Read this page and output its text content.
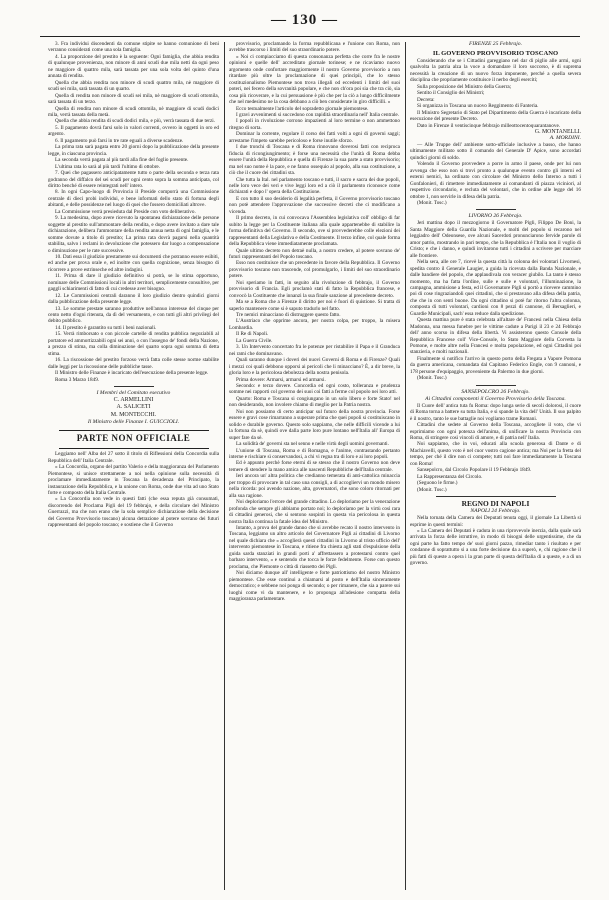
— 130 —

3. Fra individui discendenti da comune stipite se hanno comunione di beni verranno considerati come una sola famiglia.

4. La proporzione del prestito è la seguente: Ogni famiglia, che abbia rendita di qualunque provenienza, non minore di anni scudi due mila netti da ogni peso ne maggiore di quattro mila, sarà tassata per una sola volta del quinto d'una annata di rendita.

Quella che abbia rendita non minore di scudi quattro mila, nè maggiore di scudi sei mila, sarà tassata di un quarto.

Quella di rendita non minore di scudi sei mila, nè maggiore di scudi ottomila, sarà tassata di un terzo.

Quella di rendita non minore di scudi ottomila, nè maggiore di scudi dodici mila, verrà tassata della metà.

Quella che abbia rendita di scudi dodici mila, e più, verrà tassata di due terzi.

5. Il pagamento dovrà farsi solo in valori correnti, ovvero in oggetti in oro ed argento.

6. Il pagamento può farsi in tre rate eguali a diverse scadenze.

La prima rata sarà pagata entro 20 giorni dopo la pubblicazione della presente legge, in ciascuna provincia.

La seconda verrà pagata al più tardi alla fine del foglio presente.

L'ultima rata lo sarà al più tardi l'ultimo di ottobre.

7. Quei che pagassero anticipatamente tutto o parte della seconda e terza rata godranno del diffalco del sei scudi per ogni cento sopra la somma anticipata, col diritto benché di essere reintegrati nell' intero.

8. In ogni Capo-luogo di Provincia il Preside comporrà una Commissione centrale di dieci probi individui, e bene informati dello stato di fortuna degli abitanti, e delle possidenze nel luogo di quei che fossero domiciliati altrove.

La Commissione verrà presieduta dal Preside con voto deliberativo.

9. La medesima, dopo avere ricevuto la spontanea dichiarazione delle persone soggette al prestito sull'ammontare della rendita, e dopo avere invitato a dare tale dichiarazione, delibera l'ammontare della rendita annua netta di ogni famiglia, e le somme dovute a titolo di prestito; La prima rata dovrà pagarsi nella quantità stabilita, salvo i reclami in devoluzione che potessero dar luogo a compensazione o diminuzione per le rate successive.

10. Dati essa il giudizio prestamente sui documenti che potranno essere esibiti, ed anche per prova orale e, ed inoltre con quella cognizione, senza bisogno di ricorrere a prove estrinseche ed altre indagini.

11. Prima di dare il giudizio definitivo si potrà, se lo stima opportuno, nominare delle Commissioni locali in altri territori, semplicemente consultive, per gaggli schiarimenti di fatto di cui credesse aver bisogno.

12. Le Commissioni centrali daranno il loro giudizio dentro quindici giorni dalla pubblicazione della presente legge.

13. Le somme prestate saranno produttive nell'annuo interesse del cinque per cento netto d'ogni ritenuta, da dì del versamento, e con tutti gli altri privilegi del debito pubblico.

14. Il prestito è garantito su tutti i beni nazionali.

15. Verrà rimborsato o con piccole cartelle di rendita pubblica negoziabili al portatore ed ammortizzabili ogni sei anni, o con l'assegno de' fondi della Nazione, a prezzo di stima, ma colla diminuzione del quarto sopra ogni somma di detta stima.

16. La riscossione del prestito forzoso verrà fatta colle stesse norme stabilite dalle leggi per la riscossione delle pubbliche tasse.

Il Ministro delle Finanze è incaricato dell'esecuzione della presente legge.

Roma 3 Marzo 1849.

I Membri del Comitato esecutivo
C. ARMELLINI
A. SALICETI
M. MONTECCHI.
Il Ministro delle Finanze I. GUICCIOLI.
PARTE NON OFFICIALE

Leggiamo nell' Alba del 27 sotto il titolo di Riflessioni della Concordia sulla Repubblica dell' Italia Centrale.

« La Concordia, organo del partito Valerio e della maggioranza del Parlamento Piemontese, si unisce strettamente a noi nella opinione sulla necessità di proclamare immediatamente in Toscana la decadenza del Principato, la instaurazione della Repubblica, e la unione con Roma, onde due vita ad uno Stato forte e composto della Italia Centrale.

« La Concordia non vede in questi fatti (che essa reputa già consumati, discorrendo del Proclama Pigli del 19 febbrajo, e della circolare del Ministro Guerrazzi, ma che non erano che la sola semplice dichiarazione della decisione del Governo Provvisorio toscano) alcuna detrazione al potere sovrano dei futuri rappresentanti del popolo toscano; e sostiene che il Governo

provvisorio, proclamando la forma repubblicana e l'unione con Roma, non avrebbe trascorso i limiti del suo straordinario potere.

« Noi ci compiacciamo di questa consonanza perfetta che corre fra le nostre opinioni e quelle dell' accreditato giornale torinese; e ne ricaviamo nuovo argomento onde confortare maggiormente il nostro Governo provvisorio a non ritardare più oltre la proclamazione di quei principii, che lo stesso costituzionalismo Piemontese non trova illegali od eccedenti i limiti del suoi poteri, nei fecero della sovranità popolare, e che non ch'ora poi sia che tra ciò, sia cosa più ricoverare, e la cui persuasione è più che per la ciò a lungo difficilmente che nel medesimo ne la cosa debbano a ciò ben considerate in giro difficilli. »

Ecco testualmente l'articolo del sopradetto giornale piemontese.

I gravi avvenimenti si succedono con rapidità straordinaria nell' Italia centrale.

I popoli in rivoluzione corrono impazienti al loro termine o non ammettono ritegno di sorta.

Dominar la corrente, regolare il corso dei fatti volti a ogni di governi saggi; arrestarne l'impeto sarebbe pericoloso e forse inutile sforzo.

I due tronchi di Toscana e di Roma rinnovano doverosi fatti con reciproca fiducia di ricongiungimento; è forse una necessità che l'unità di Roma debba essere l'unità della Repubblica e quella di Firenze la sua parte a stato provvisorio; ma nel suo nome è la pace, e ne fanno ossequio al popolo, alla sua costituzione, a ciò che il cuore dei cittadini sta.

Che tutta la Ital. nel parlamento toscano e tutti, il sacro e sacra dei due popoli, nelle loro vece dei veri e vive leggi loro ed a ciò il parlamento riconosce come dichiarati e dopo l' opera della Costituzione.

E con tutto il suo desiderio di legalità perfetta, il Governo provvisorio toscano non potè attendere l'approvazione che successive decreti che ci modificano a vicenda.

Il primo decreto, in cui convocava l'Assemblea legislativa coll' obbligo di far subito la legge per la Costituente italiana alla quale appartenebbe di stabilire la forma definitiva del Governo. Il secondo, ove si provvederebbe colle elezioni dei rappresentanti della Legislativa e della Costituente. Il terzo infine, col quale forma della Repubblica viene immediatamente proclamata.

Quale ultimo decreto non detraè nulla, a nostro credere, al potere sovrano de' futuri rappresentanti del Popolo toscano.

Esso non costituisce che un precedente in favore della Repubblica. Il Governo provvisorio toscano non trascende, col promulgarlo, i limiti del suo straordinario potere.

Noi speriamo in fatti, in seguito alla rivoluzione di febbrajo, il Governo provvisorio di Francia. Egli proclamò stati di fatto la Repubblica francese, e convocò la Costituente che innanzi la sua finale sanzione al precedente decreto.

Ma se a Roma che a Firenze il diritto per noi è fuori di quistione. Si tratta di saperlo mantenere come si è saputo tradurlo nel fatto.

Tre nemici minacciano di distruggere questo fatto.

L'Austriaco che opprime ancora, per nostra colpa, per troppo, la misera Lombardia.

Il Re di Napoli.

La Guerra Civile.

3. Un Intervento concertato fra le potenze per ristabilire il Papa e il Granduca nei rami che dominavano.

Quali saranno dunque i doveri dei nuovi Governi di Roma e di Firenze? Quali i mezzi coi quali debbono opporsi ai pericoli che li minacciano? È, a dir breve, la gloria loro e la pericolosa debolezza della nostra penisola.

Prima dovere: Armarsi, armarsi ed armarsi.

Secondo: e terzo dovere. Concordia ed ogni costo, tolleranza e prudenza somme nei rapporti col governo dei suoi coi fatti a ferme col popolo nei loro atti.

Quarto: Roma e Toscana si congiungano in un solo libero e forte Stato! nel non desiderando, non involere chiamo di meglio per la Patria nostra.

Noi non possiamo di certo anticipar sul futuro della nostra provincia. Forse essere e gravi cose rimarranno a superare prima che quei popoli si costituiscano in solido e durabile governo. Questo solo sappiamo, che nelle difficili vicende a lui la fortuna da sè, quindi ove dalla parte loro pure lontano nell'Italia all' Europa di super fare da sè.

La solidità de' governi sta nel senno e nelle virtù degli uomini governanti.

L'unione di Toscana, Roma e di Romagna, e l'anime, contrastando pertanto interne e rischiare sì conservandosi, a chi vi regna tra di loro e ai loro popoli.

Ed è appunto perchè forse eterni di se stesso che il nostro Governo non deve temere di stendere la mano amica alle nascenti Repubbliche dell'Italia centrale.

Ieri ancora un' altra politica che credianno temerata di anti-cattolica minaccia per troppo di provocare in tal caso una consigli, a di accogliervi un mondo misero nella ricorda: poi avendo nazione, alta, governatori, che sono coloro ritornati per alla sua ragione.

Noi deploriamo l'errore del grande cittadino. Lo deploriamo per la venerazione profonda che sempre gli abbiamo portato noi; lo deploriamo per la virtù così rara di cittadini generosi, che si sentono sospinti in questa via pericolosa in questa nostra Italia continua la fatale idea del Ministro.

Intanto, a prova del grande danno che si avrebbe recato il nostro intervento in Toscana, leggiamo un altro articolo del Governatore Pigli ai cittadini di Livorno nel quale dichiara che « accoglierà questi cittadini in Livorno al tristo ufficio dell' intervento piemontese in Toscana, e ritiene fra chiesta agli stati d'espulsione della guida sarda stanziati in grandi porti a' affrettassero a protestarsi contro quel barbaro intervento, » e sentendo che tocca le forze fedelmente. Forse con questo proclama, che Piemonte o città di riassetto dei Pigli.

Noi diciamo dunque all' intelligente e forte patriottismo del nostro Ministro piemontese. Che esse continui a chiamarsi al posto e dell'Italia sinceramente democratico; e sebbene noi ponga di secondo; o per rimanere, che sia a parere sui luoghi come vi da mantenere, e lo proponga all'adesione compatta della maggioranza parlamentare.

FIRENZE 25 Febbrajo.
IL GOVERNO PROVVISORIO TOSCANO

Considerando che se i Cittadini gareggiano nel dar di piglio alle armi, ogni qualvolta la patria alza la voce a domandare il loro soccorso, è di suprema necessità la creazione di un nuovo forza imponente, perché a quella severa disciplina che propriamente costituisce il nerbo degli eserciti;

Sulla proposizione del Ministro della Guerra;

Sentito il Consiglio dei Ministri;

Decreta:

Si organizza in Toscana un nuovo Reggimento di Fanteria.

Il Ministro Segretario di Stato pel Dipartimento della Guerra è incaricato della esecuzione del presente Decreto.

Dato in Firenze il ventiscinque febbrajo milleottocentoquarantanove.

G. MONTANELLI.
A. MORDINI.

— Alle Truppe dell' ambiente sotto-ufficiale inclusive a basso, che hanno ultimamente militato sotto il comando del Generale D' Apice, sono accordati quindici giorni di soldo.

Volendo il Governo provvedere a porre in armo il paese, onde per lui non avvenga che esso non si trovi pronto a qualunque evento contro gli interni ed esterni nemici, ha ordinato con circolare del Ministro dello Interno a tutti i Gonfalonieri, di rimettere immediatamente ai comandanti di piazza viciniori, al respettivo circondario, e recluta del volontari, che in ordine alle legge del 16 ottobre 1, non servirle in difesa della patria.

(Monit. Tosc.)

LIVORNO 26 Febbrajo.

Jeri mattina dopo il mezzogiorno il Governatore Pigli, Filippo De Boni, la Santa Maggiore della Guardia Nazionale, e molti del popolo si recarono nel leggiadro dell' Odeonsese, ove alcuni Sacerdoti pronunciarono fervide parole di amor patrio, mostrando in pari tempo, che la Repubblica è l'Italia non il voglio di Cristo; e che i danno, e quindi invitarono tutti i cittadini a scrivere per marciare alle frontiere.

Nella sera, alle ore 7, ricevè la questa città la colonna dei volontari Livornesi, spedita contro il Generale Laugier, a guida la ricevuta dalla Banda Nazionale, e dalle bandiere del popolo, che applaudivala con veracer giubilo. La tanto è stesso momento, ma ha fatta l'ordine, sulle e sulle e volontari, l'illuminazione, la campagna, ammisione a festa, ed il Governatore Pigli si portò a ricevere cammino poi di cose ringraziandoli quei cittadini, che si prestavano alla difesa della patria, che che in con senti buone. Da ogni cittadino si potè far ritorno l'altra colonna, composta di tutti volontari, cardioni con 8 pezzi di cannone, di Bersaglieri, e Guardie Municipali, sach' essa reduce dalla spedizione.

Questa mattina pure è stata celebrata all'altare de' Francesi nella Chiesa della Madonna, una messa funebre per le vittime cadute a Parigi il 23 e 24 Febbrajo dell' anno scorso in difesa della libertà. Vi assisterono questo Console della Repubblica Francese coll' Vice-Console, lo Stato Maggiore della Corvetta la Pomone, e molte altre nella Francesi e molta popolazione, ed ogni Cittadini poi stanzieria, e molti nazionali.

Finalmente si notifico l'arrivo in questo porto della Fregata a Vapore Pomona da guerra americana, comandata dal Capitano Federico Engle, con 9 cannoni, e 178 persone d'equipaggio, proveniente da Palermo in due giorni.

(Monit. Tosc.)

SANSEPOLCRO 26 Febbrajo.
Ai Cittadini componenti il Governo Provvisorio della Toscana.

Il Cuore dell' antica tuta fu Roma: dopo lunga serie di secoli dolorosi, il cuore di Roma torna a battere su tutta Italia, e si spande la vita dell' Unità. Il suo palpito è il nostro, tanto le sue battaglie noi vogliamo trame Romani.

Cittadini che sedete al Governo della Toscana, accogliete il voto, che vi esprimiamo con ogni potenza dell'anima, di unificare la nostra Provincia con Roma, di stringere così vincoli di amore, e di patria nell' Italia.

Noi sappiamo, che in voi, educati alla scuola generosa di Dante e di Machiavelli, questo voto è nel cuor vostro cagione antica; ma Noi per la fretta del tempo, per ché il dire non ci compete; tutti noi fare immediatamente la Toscana con Roma!

Sansepolcro, dal Circolo Popolare il 19 Febbrajo 1849.

La Rappresentanza del Circolo.

(Seguono le firme.)

(Monit. Tosc.)

REGNO DI NAPOLI
NAPOLI 24 Febbrajo.

Nella tornata della Camera dei Deputati tenuta oggi, il giornale La Libertà si esprime in questi termini:

« La Camera dei Deputati è caduta in una riprovevole inerzia, dalla quale sarà arrivata la forza delle istruttive, in modo di bisogni delle urgentissime, che da ogni parte ha fatto tempo de' suoi giorni pazzo, rimediar tanto i risultato e per condanne di soprattutto si a una forte decisione da a superò, e, chi ragione che il più fatti di queste a opera i la gran parte di questa dell'Italia di a queste, e a di un governo.
